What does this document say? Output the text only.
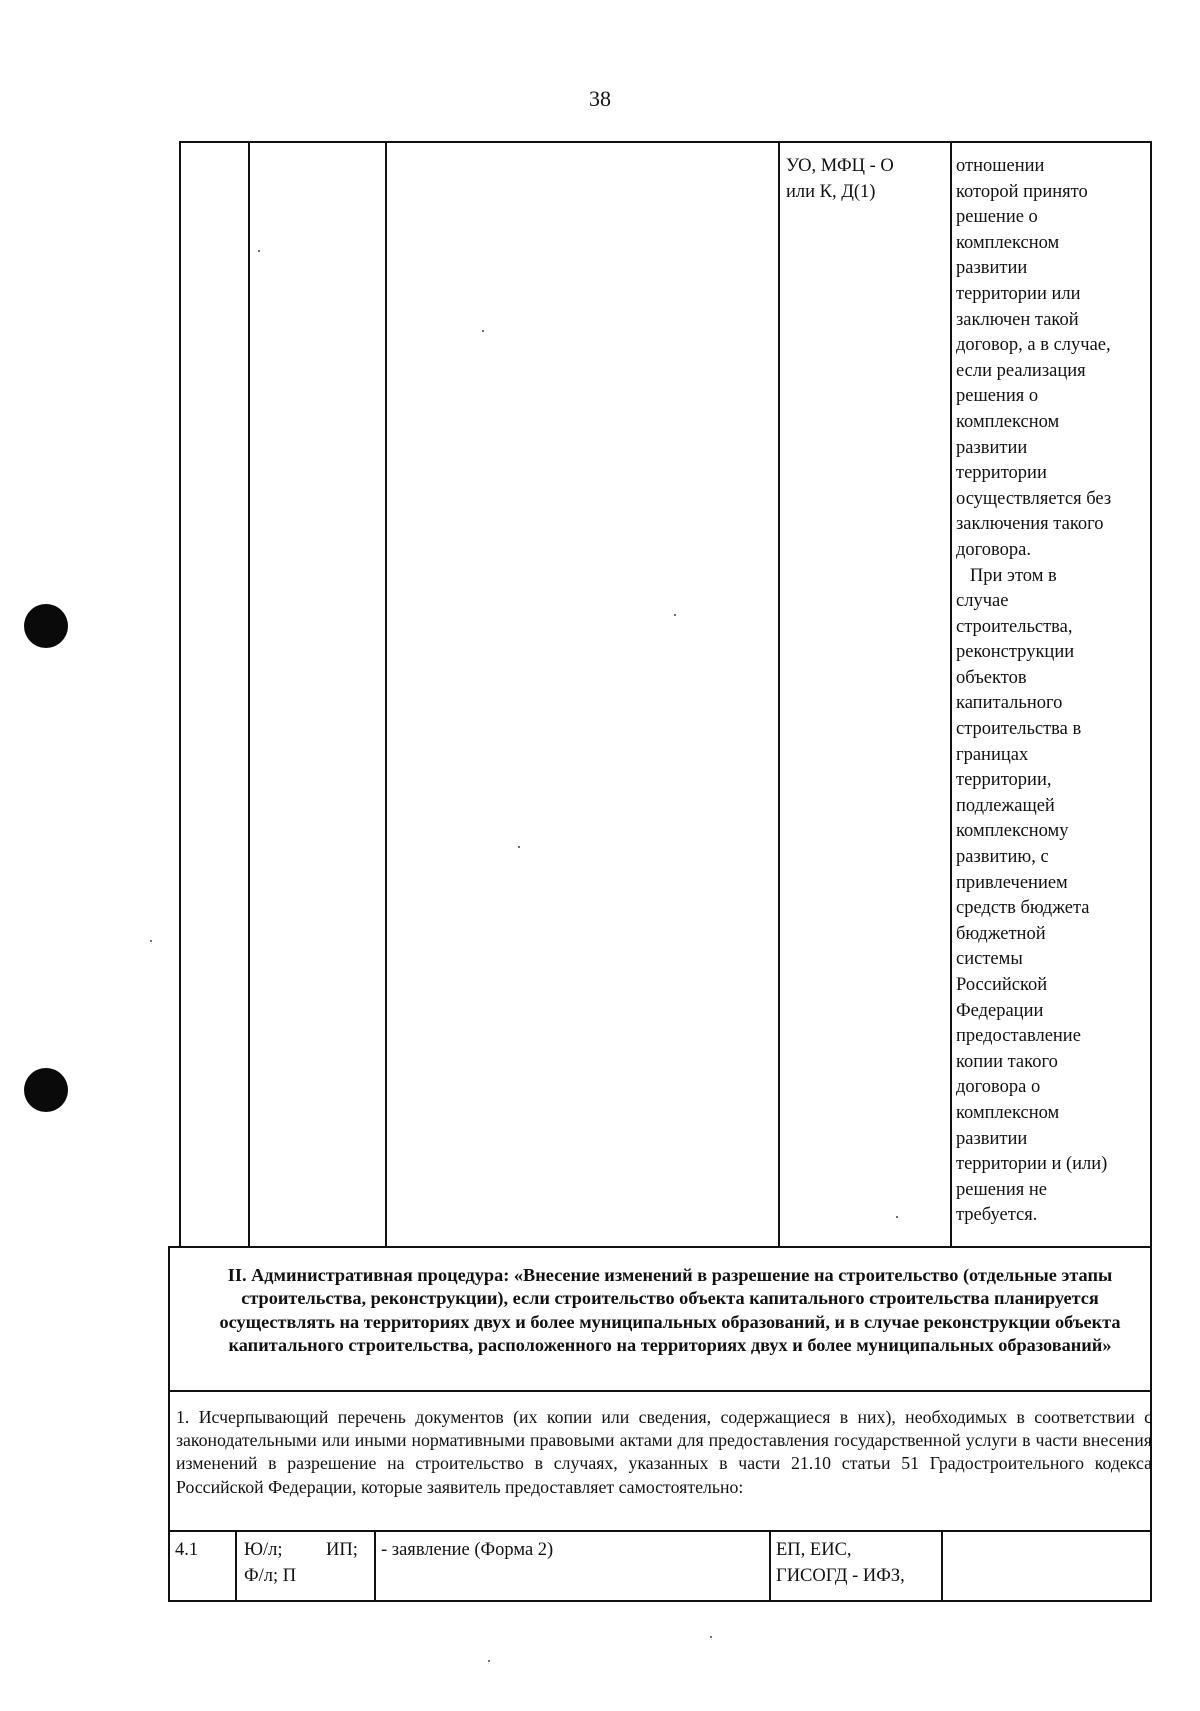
38
УО, МФЦ - О
или К, Д(1)
отношении
которой принято
решение о
комплексном
развитии
территории или
заключен такой
договор, а в случае,
если реализация
решения о
комплексном
развитии
территории
осуществляется без
заключения такого
договора.
При этом в
случае
строительства,
реконструкции
объектов
капитального
строительства в
границах
территории,
подлежащей
комплексному
развитию, с
привлечением
средств бюджета
бюджетной
системы
Российской
Федерации
предоставление
копии такого
договора о
комплексном
развитии
территории и (или)
решения не
требуется.
II. Административная процедура: «Внесение изменений в разрешение на строительство (отдельные этапы строительства, реконструкции), если строительство объекта капитального строительства планируется осуществлять на территориях двух и более муниципальных образований, и в случае реконструкции объекта капитального строительства, расположенного на территориях двух и более муниципальных образований»
1. Исчерпывающий перечень документов (их копии или сведения, содержащиеся в них), необходимых в соответствии с законодательными или иными нормативными правовыми актами для предоставления государственной услуги в части внесения изменений в разрешение на строительство в случаях, указанных в части 21.10 статьи 51 Градостроительного кодекса Российской Федерации, которые заявитель предоставляет самостоятельно:
4.1 Ю/л; ИП;
Ф/л; П
- заявление (Форма 2)	ЕП, ЕИС,
ГИСОГД - ИФЗ,
